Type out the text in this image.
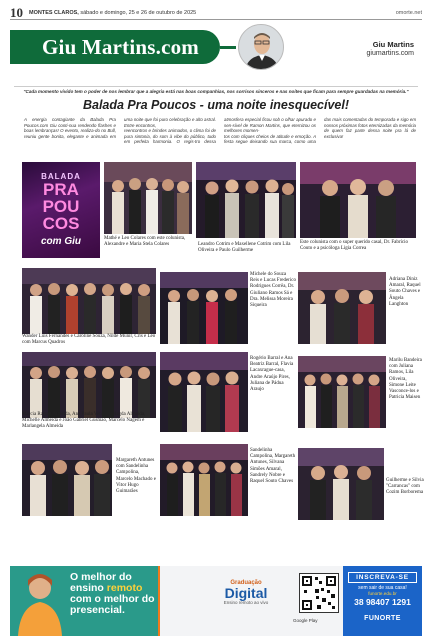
10 MONTES CLAROS, sábado e domingo, 25 e 26 de outubro de 2025	omorte.net
Giu Martins.com	Giu Martins
giumartins.com
"Cada momento vivido tem o poder de nos lembrar que a alegria está nas boas companhias, nos sorrisos sinceros e nas noites que ficam para sempre guardadas na memória."
Balada Pra Poucos - uma noite inesquecível!

A energia contagiante da Balada Pra Poucos.com Giu conti-nua rendendo flashes e boas lembranças! O evento, realiza-do no Bull, reuniu gente bonita, elegante e animada em uma noite que foi puro celebração e alto astral. Entre encontros,

reencontros e brindes animados, o clima foi de pura sintonia, do som à vibe do público, tudo em perfeita harmonia. O regis-tro dessa atmosfera especial ficou sob o olhar apurado e sen-sível de Ramon Martins, que eternizou os melhores momen-

tos com cliques cheios de atitude e emoção. A festa segue deixando sua marca, como uma das mais comentadas do temporada e sigo em nossos próximas fotos eternizadas da memória de quem faz parte dessa noite pra lá de exclusiva!

BALADA
PRA
POU
COS
com Giu	Mathé e Leo Colares com este colunista, Alexandre e Maria Stela Colares	Leandro Cotrim e Maxellene Cotrim com Lila Oliveira e Paulo Guilherme
Este colunista com o super querido casal, Dr. Fabrício Couto e a psicóloga Ligia Correa
Wander Luis Fernandes e Caroline Souza, Nilde Munir, Cris e Léo com Marcus Quadros
Michele do Souza Reis e Lucas Frederico Rodrigues Corrêa, Dr. Giuliano Ramos Sá e Dra. Melissa Moreira Siqueira
Adriana Diniz Amaral, Raquel Souto Chaves e Ângela Langhton
Márcia Raquel Almeida, Ana Paula Veranto, Magda Almeida, Michelle Almeida e João Gabriel Gusmão, Marcelo Nagem e Marlangela Almeida
Rogério Barral e Ana Beatriz Barral, Flavia Lacaxrague-casa, Andre Araújo Pires, Juliana de Pádua Araujo
Marilu Bandeira com Juliana Ramos, Lila Oliveira, Simone Leite Vasconce-los e Patricia Maisen
Margareth Antunes com Sandelinha Campolina, Marcelo Machado e Vitor Hugo Guimarães
Sandelinha Campolina, Margareth Antunes, Silvana Simões Amaral, Sandrely Nobre e Raquel Souto Chaves	Guilherme e Silvia "Carrancas" com Cozim Borborema
O melhor do ensino remoto com o melhor do presencial.
Graduação
Digital
Ensino remoto ao vivo
Google Play
INSCREVA-SE
sem sair de sua casa!
funorte.edu.br
38 98407 1291
FUNORTE
